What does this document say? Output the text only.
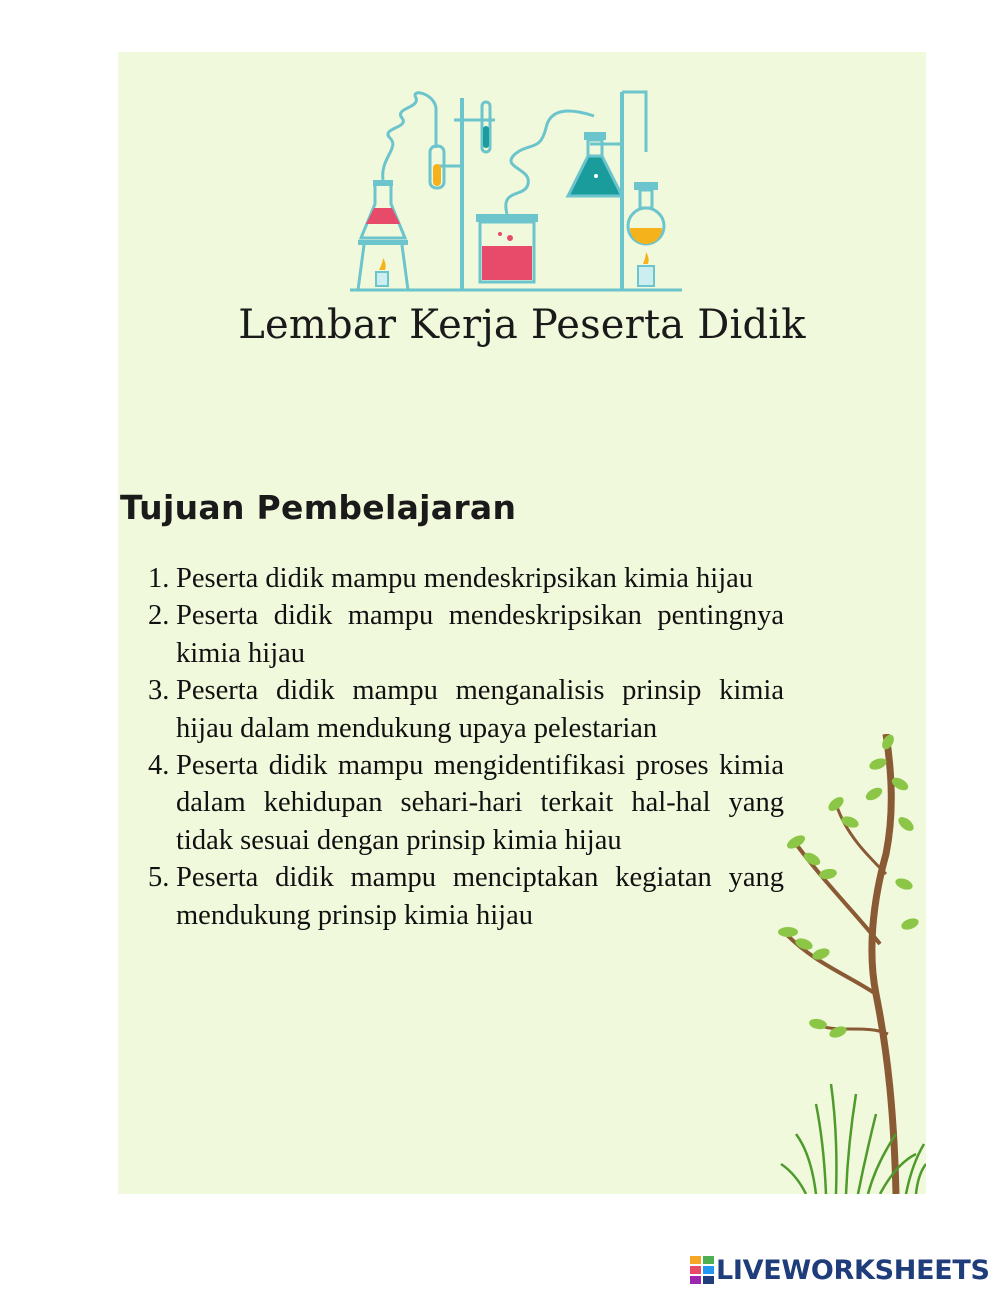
Lembar Kerja Peserta Didik
Tujuan Pembelajaran
1. Peserta didik mampu mendeskripsikan kimia hijau
2. Peserta didik mampu mendeskripsikan pentingnya kimia hijau
3. Peserta didik mampu menganalisis prinsip kimia hijau dalam mendukung upaya pelestarian
4. Peserta didik mampu mengidentifikasi proses kimia dalam kehidupan sehari-hari terkait hal-hal yang tidak sesuai dengan prinsip kimia hijau
5. Peserta didik mampu menciptakan kegiatan yang mendukung prinsip kimia hijau
LIVEWORKSHEETS
